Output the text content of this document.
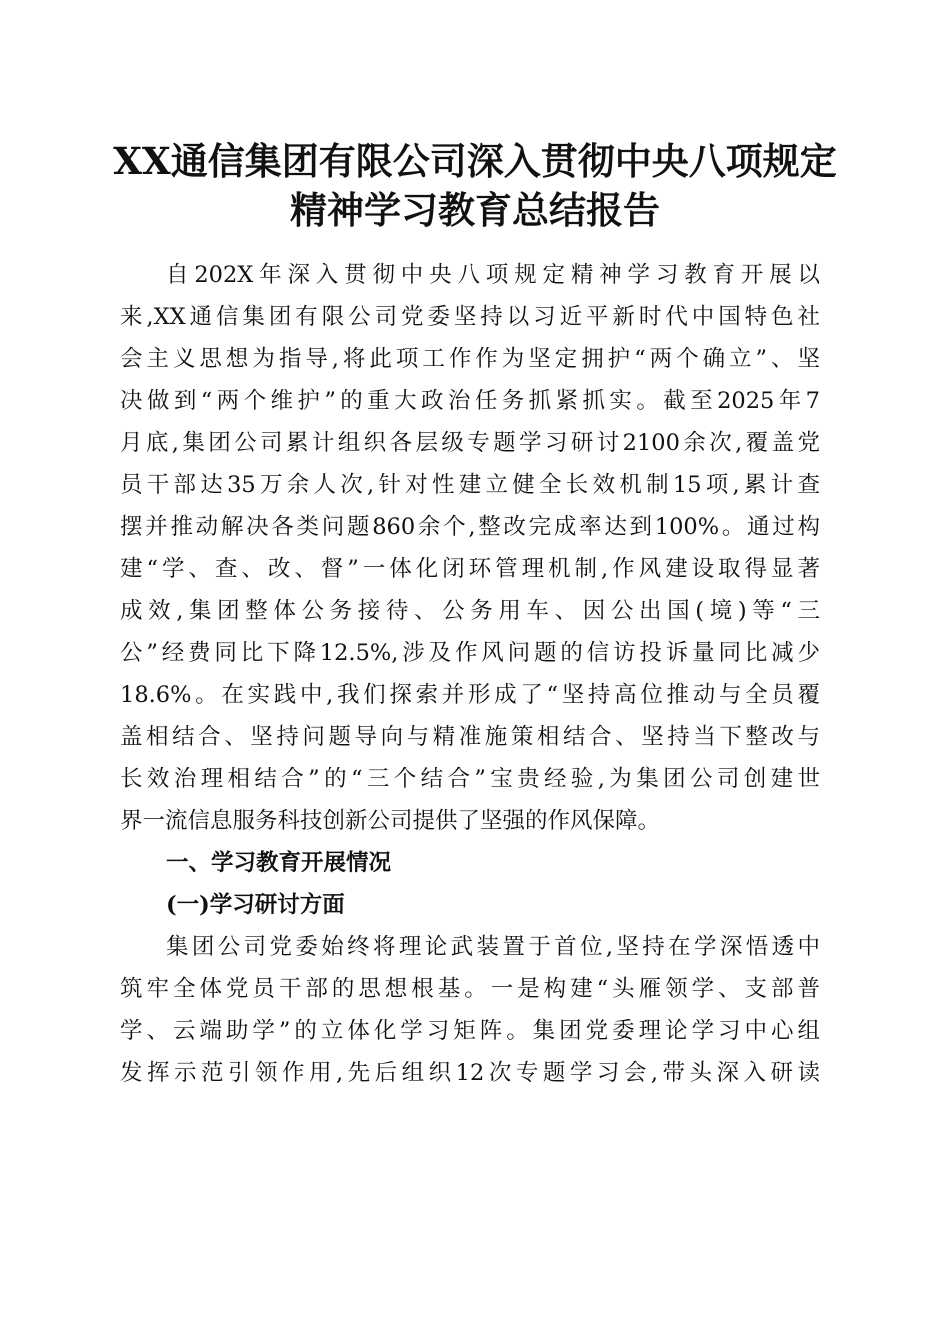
XX通信集团有限公司深入贯彻中央八项规定
精神学习教育总结报告

自202X年深入贯彻中央八项规定精神学习教育开展以

来,XX通信集团有限公司党委坚持以习近平新时代中国特色社

会主义思想为指导,将此项工作作为坚定拥护“两个确立”、坚

决做到“两个维护”的重大政治任务抓紧抓实。截至2025年7

月底,集团公司累计组织各层级专题学习研讨2100余次,覆盖党

员干部达35万余人次,针对性建立健全长效机制15项,累计查

摆并推动解决各类问题860余个,整改完成率达到100%。通过构

建“学、查、改、督”一体化闭环管理机制,作风建设取得显著

成效,集团整体公务接待、公务用车、因公出国(境)等“三

公”经费同比下降12.5%,涉及作风问题的信访投诉量同比减少

18.6%。在实践中,我们探索并形成了“坚持高位推动与全员覆

盖相结合、坚持问题导向与精准施策相结合、坚持当下整改与

长效治理相结合”的“三个结合”宝贵经验,为集团公司创建世

界一流信息服务科技创新公司提供了坚强的作风保障。

一、学习教育开展情况
(一)学习研讨方面

集团公司党委始终将理论武装置于首位,坚持在学深悟透中

筑牢全体党员干部的思想根基。一是构建“头雁领学、支部普

学、云端助学”的立体化学习矩阵。集团党委理论学习中心组

发挥示范引领作用,先后组织12次专题学习会,带头深入研读
